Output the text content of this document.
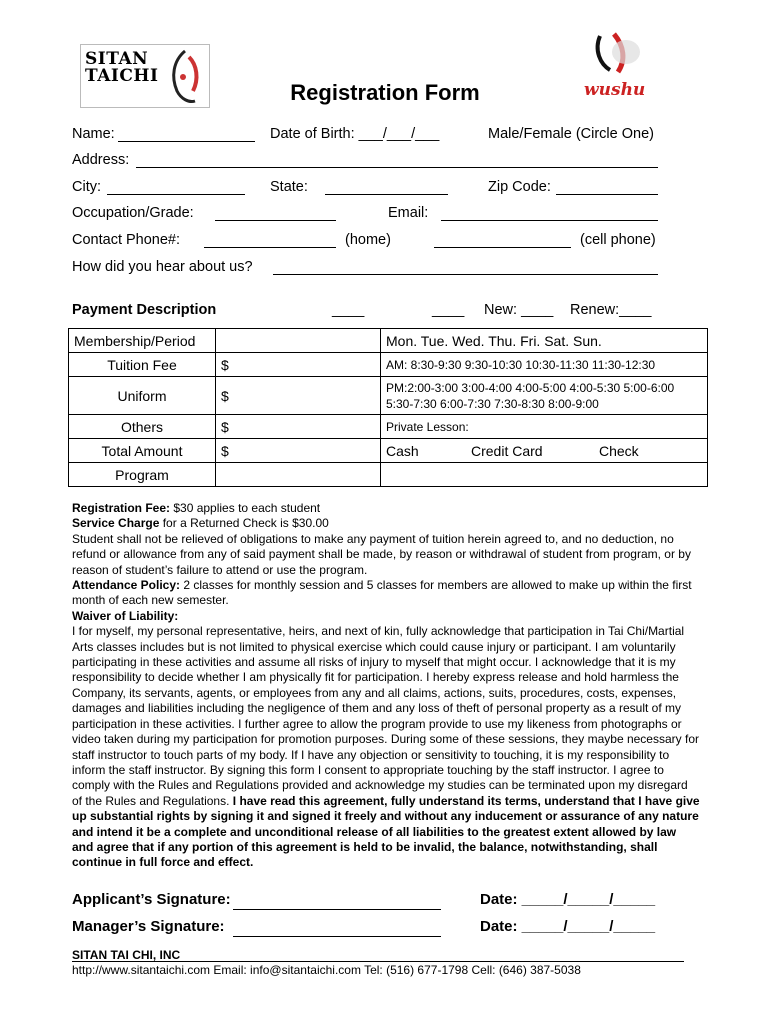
SITAN
TAICHI
wushu
Registration Form
Name:	Date of Birth: ___/___/___	Male/Female (Circle One)
Address:
City:	State:	Zip Code:
Occupation/Grade:	Email:
Contact Phone#:	(home)	(cell phone)
How did you hear about us?
Payment Description	____	____ New: ____ Renew:____
Membership/Period		Mon. Tue. Wed. Thu. Fri. Sat. Sun.
Tuition Fee	$	AM: 8:30-9:30 9:30-10:30 10:30-11:30 11:30-12:30
Uniform	$	PM:2:00-3:00 3:00-4:00 4:00-5:00 4:00-5:30 5:00-6:00
5:30-7:30 6:00-7:30 7:30-8:30 8:00-9:00
Others	$	Private Lesson:
Total Amount	$	Cash Credit Card Check
Program		

Registration Fee: $30 applies to each student

Service Charge for a Returned Check is $30.00

Student shall not be relieved of obligations to make any payment of tuition herein agreed to, and no deduction, no refund or allowance from any of said payment shall be made, by reason or withdrawal of student from program, or by reason of student’s failure to attend or use the program.

Attendance Policy: 2 classes for monthly session and 5 classes for members are allowed to make up within the first month of each new semester.

Waiver of Liability:

I for myself, my personal representative, heirs, and next of kin, fully acknowledge that participation in Tai Chi/Martial Arts classes includes but is not limited to physical exercise which could cause injury or participant. I am voluntarily participating in these activities and assume all risks of injury to myself that might occur. I acknowledge that it is my responsibility to decide whether I am physically fit for participation. I hereby express release and hold harmless the Company, its servants, agents, or employees from any and all claims, actions, suits, procedures, costs, expenses, damages and liabilities including the negligence of them and any loss of theft of personal property as a result of my participation in these activities. I further agree to allow the program provide to use my likeness from photographs or video taken during my participation for promotion purposes. During some of these sessions, they maybe necessary for staff instructor to touch parts of my body. If I have any objection or sensitivity to touching, it is my responsibility to inform the staff instructor. By signing this form I consent to appropriate touching by the staff instructor. I agree to comply with the Rules and Regulations provided and acknowledge my studies can be terminated upon my disregard of the Rules and Regulations. I have read this agreement, fully understand its terms, understand that I have give up substantial rights by signing it and signed it freely and without any inducement or assurance of any nature and intend it be a complete and unconditional release of all liabilities to the greatest extent allowed by law and agree that if any portion of this agreement is held to be invalid, the balance, notwithstanding, shall continue in full force and effect.

Applicant’s Signature:	Date: _____/_____/_____
Manager’s Signature:	Date: _____/_____/_____
SITAN TAI CHI, INC
http://www.sitantaichi.com Email: info@sitantaichi.com Tel: (516) 677-1798 Cell: (646) 387-5038
